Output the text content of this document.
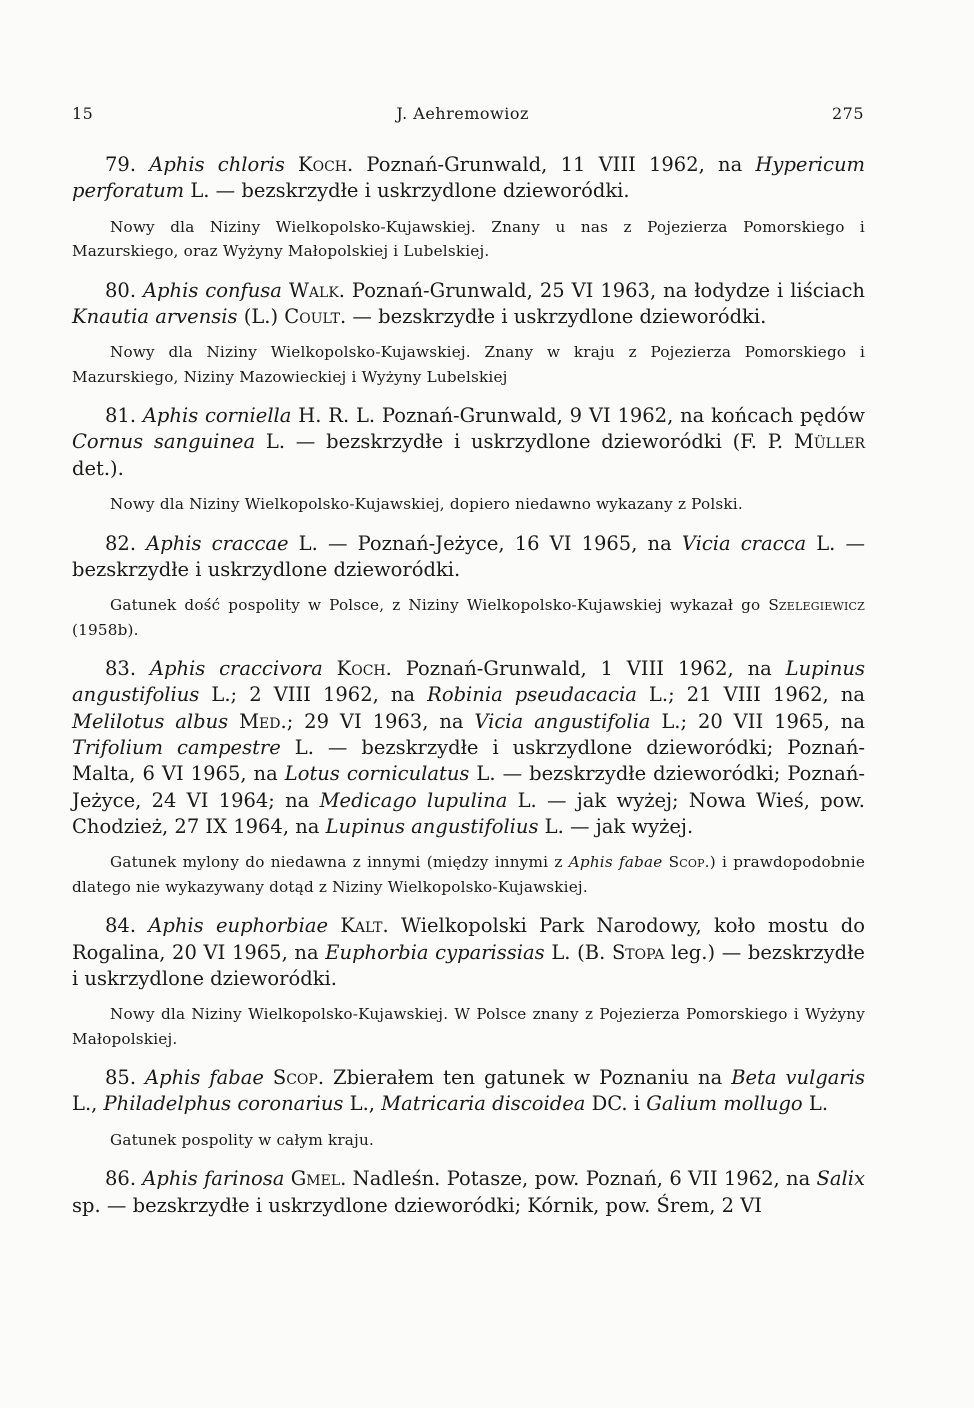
15	J. Aehremowioz	275

79. Aphis chloris Koch. Poznań-Grunwald, 11 VIII 1962, na Hypericum perforatum L. — bezskrzydłe i uskrzydlone dzieworódki.

Nowy dla Niziny Wielkopolsko-Kujawskiej. Znany u nas z Pojezierza Pomorskiego i Mazurskiego, oraz Wyżyny Małopolskiej i Lubelskiej.

80. Aphis confusa Walk. Poznań-Grunwald, 25 VI 1963, na łodydze i liściach Knautia arvensis (L.) Coult. — bezskrzydłe i uskrzydlone dzieworódki.

Nowy dla Niziny Wielkopolsko-Kujawskiej. Znany w kraju z Pojezierza Pomorskiego i Mazurskiego, Niziny Mazowieckiej i Wyżyny Lubelskiej

81. Aphis corniella H. R. L. Poznań-Grunwald, 9 VI 1962, na końcach pędów Cornus sanguinea L. — bezskrzydłe i uskrzydlone dzieworódki (F. P. Müller det.).

Nowy dla Niziny Wielkopolsko-Kujawskiej, dopiero niedawno wykazany z Polski.

82. Aphis craccae L. — Poznań-Jeżyce, 16 VI 1965, na Vicia cracca L. — bezskrzydłe i uskrzydlone dzieworódki.

Gatunek dość pospolity w Polsce, z Niziny Wielkopolsko-Kujawskiej wykazał go Szelegiewicz (1958b).

83. Aphis craccivora Koch. Poznań-Grunwald, 1 VIII 1962, na Lupinus angustifolius L.; 2 VIII 1962, na Robinia pseudacacia L.; 21 VIII 1962, na Melilotus albus Med.; 29 VI 1963, na Vicia angustifolia L.; 20 VII 1965, na Trifolium campestre L. — bezskrzydłe i uskrzydlone dzieworódki; Poznań-Malta, 6 VI 1965, na Lotus corniculatus L. — bezskrzydłe dzieworódki; Poznań-Jeżyce, 24 VI 1964; na Medicago lupulina L. — jak wyżej; Nowa Wieś, pow. Chodzież, 27 IX 1964, na Lupinus angustifolius L. — jak wyżej.

Gatunek mylony do niedawna z innymi (między innymi z Aphis fabae Scop.) i prawdopodobnie dlatego nie wykazywany dotąd z Niziny Wielkopolsko-Kujawskiej.

84. Aphis euphorbiae Kalt. Wielkopolski Park Narodowy, koło mostu do Rogalina, 20 VI 1965, na Euphorbia cyparissias L. (B. Stopa leg.) — bezskrzydłe i uskrzydlone dzieworódki.

Nowy dla Niziny Wielkopolsko-Kujawskiej. W Polsce znany z Pojezierza Pomorskiego i Wyżyny Małopolskiej.

85. Aphis fabae Scop. Zbierałem ten gatunek w Poznaniu na Beta vulgaris L., Philadelphus coronarius L., Matricaria discoidea DC. i Galium mollugo L.

Gatunek pospolity w całym kraju.

86. Aphis farinosa Gmel. Nadleśn. Potasze, pow. Poznań, 6 VII 1962, na Salix sp. — bezskrzydłe i uskrzydlone dzieworódki; Kórnik, pow. Śrem, 2 VI
